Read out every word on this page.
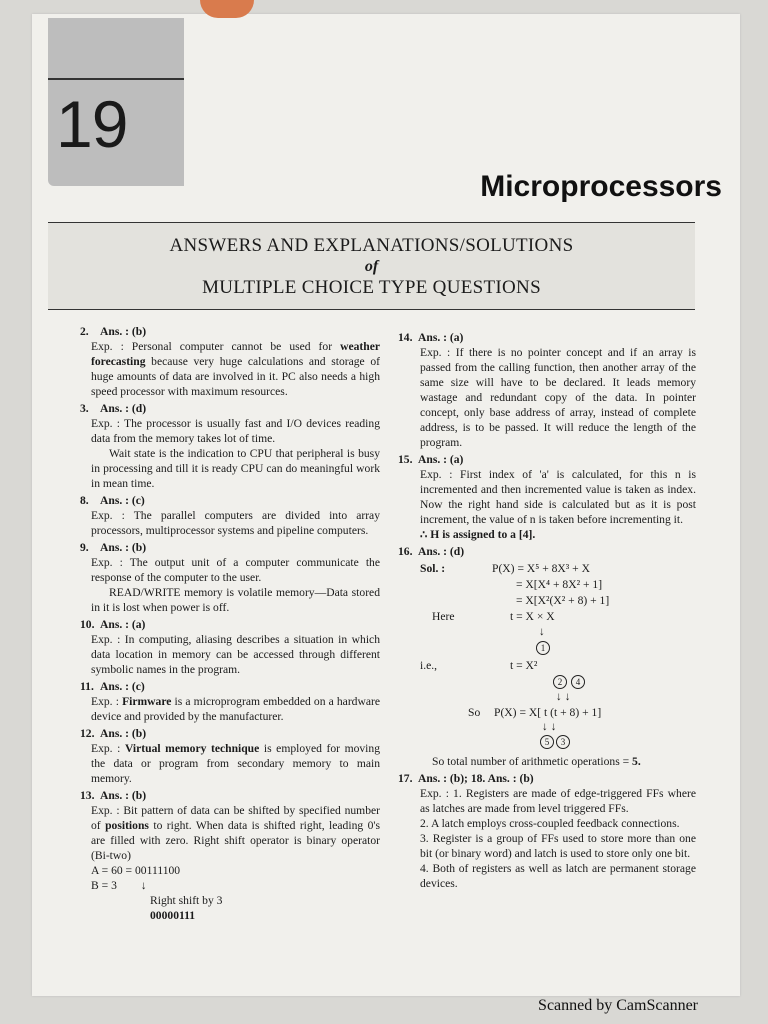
19
Microprocessors
ANSWERS AND EXPLANATIONS/SOLUTIONS
of
MULTIPLE CHOICE TYPE QUESTIONS
2. Ans. : (b)
Exp. : Personal computer cannot be used for weather forecasting because very huge calculations and storage of huge amounts of data are involved in it. PC also needs a high speed processor with maximum resources.
3. Ans. : (d)
Exp. : The processor is usually fast and I/O devices reading data from the memory takes lot of time.
Wait state is the indication to CPU that peripheral is busy in processing and till it is ready CPU can do meaningful work in mean time.
8. Ans. : (c)
Exp. : The parallel computers are divided into array processors, multiprocessor systems and pipeline computers.
9. Ans. : (b)
Exp. : The output unit of a computer communicate the response of the computer to the user.
READ/WRITE memory is volatile memory—Data stored in it is lost when power is off.
10. Ans. : (a)
Exp. : In computing, aliasing describes a situation in which data location in memory can be accessed through different symbolic names in the program.
11. Ans. : (c)
Exp. : Firmware is a microprogram embedded on a hardware device and provided by the manufacturer.
12. Ans. : (b)
Exp. : Virtual memory technique is employed for moving the data or program from secondary memory to main memory.
13. Ans. : (b)
Exp. : Bit pattern of data can be shifted by specified number of positions to right. When data is shifted right, leading 0's are filled with zero. Right shift operator is binary operator (Bi-two)
A = 60 = 00111100
B = 3 ↓
Right shift by 3
00000111
14. Ans. : (a)
Exp. : If there is no pointer concept and if an array is passed from the calling function, then another array of the same size will have to be declared. It leads memory wastage and redundant copy of the data. In pointer concept, only base address of array, instead of complete address, is to be passed. It will reduce the length of the program.
15. Ans. : (a)
Exp. : First index of 'a' is calculated, for this n is incremented and then incremented value is taken as index. Now the right hand side is calculated but as it is post increment, the value of n is taken before incrementing it.
∴ H is assigned to a [4].
16. Ans. : (d)
Sol. :	P(X) = X⁵ + 8X³ + X
= X[X⁴ + 8X² + 1]
= X[X²(X² + 8) + 1]
Here	t = X × X
↓
1
i.e.,	t = X²
2	4
↓ ↓
So P(X) = X[ t (t + 8) + 1]
↓ ↓
5	3
So total number of arithmetic operations = 5.
17. Ans. : (b); 18. Ans. : (b)
Exp. : 1. Registers are made of edge-triggered FFs where as latches are made from level triggered FFs.
2. A latch employs cross-coupled feedback connections.
3. Register is a group of FFs used to store more than one bit (or binary word) and latch is used to store only one bit.
4. Both of registers as well as latch are permanent storage devices.
Scanned by CamScanner
